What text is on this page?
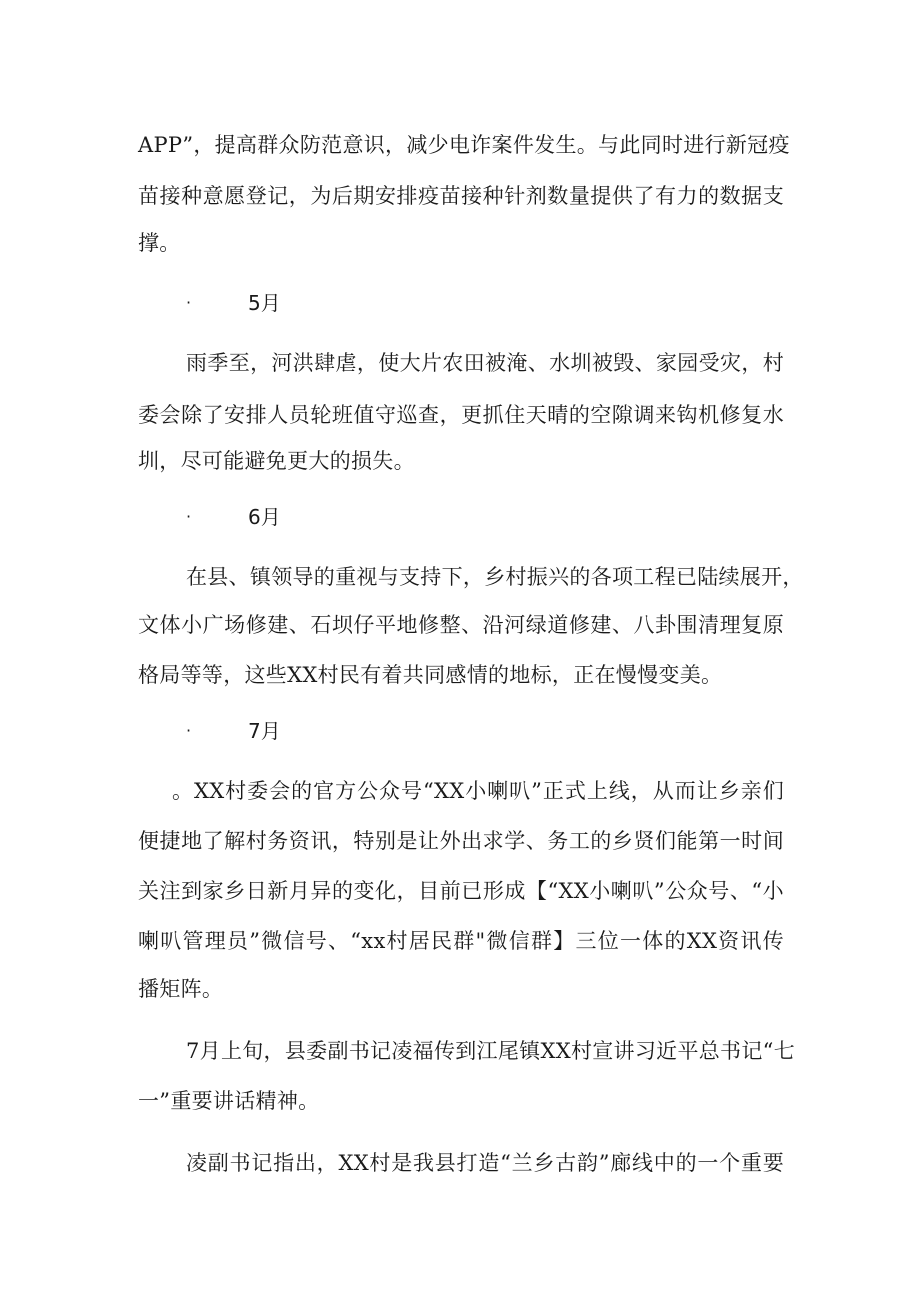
APP”，提高群众防范意识，减少电诈案件发生。与此同时进行新冠疫
苗接种意愿登记，为后期安排疫苗接种针剂数量提供了有力的数据支
撑。
·	5月
雨季至，河洪肆虐，使大片农田被淹、水圳被毁、家园受灾，村
委会除了安排人员轮班值守巡查，更抓住天晴的空隙调来钩机修复水
圳，尽可能避免更大的损失。
·	6月
在县、镇领导的重视与支持下，乡村振兴的各项工程已陆续展开，
文体小广场修建、石坝仔平地修整、沿河绿道修建、八卦围清理复原
格局等等，这些XX村民有着共同感情的地标，正在慢慢变美。
·	7月
。XX村委会的官方公众号“XX小喇叭”正式上线，从而让乡亲们
便捷地了解村务资讯，特别是让外出求学、务工的乡贤们能第一时间
关注到家乡日新月异的变化，目前已形成【“XX小喇叭”公众号、“小
喇叭管理员”微信号、“xx村居民群"微信群】三位一体的XX资讯传
播矩阵。
7月上旬，县委副书记凌福传到江尾镇XX村宣讲习近平总书记“七
一”重要讲话精神。
凌副书记指出，XX村是我县打造“兰乡古韵”廊线中的一个重要
